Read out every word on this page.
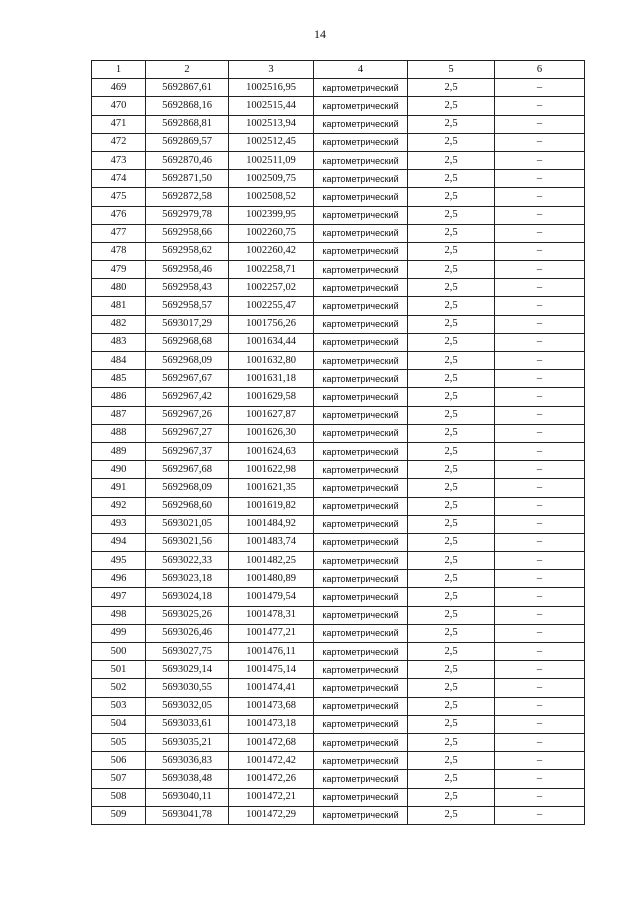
14
1	2	3	4	5	6
469	5692867,61	1002516,95	картометрический	2,5	–
470	5692868,16	1002515,44	картометрический	2,5	–
471	5692868,81	1002513,94	картометрический	2,5	–
472	5692869,57	1002512,45	картометрический	2,5	–
473	5692870,46	1002511,09	картометрический	2,5	–
474	5692871,50	1002509,75	картометрический	2,5	–
475	5692872,58	1002508,52	картометрический	2,5	–
476	5692979,78	1002399,95	картометрический	2,5	–
477	5692958,66	1002260,75	картометрический	2,5	–
478	5692958,62	1002260,42	картометрический	2,5	–
479	5692958,46	1002258,71	картометрический	2,5	–
480	5692958,43	1002257,02	картометрический	2,5	–
481	5692958,57	1002255,47	картометрический	2,5	–
482	5693017,29	1001756,26	картометрический	2,5	–
483	5692968,68	1001634,44	картометрический	2,5	–
484	5692968,09	1001632,80	картометрический	2,5	–
485	5692967,67	1001631,18	картометрический	2,5	–
486	5692967,42	1001629,58	картометрический	2,5	–
487	5692967,26	1001627,87	картометрический	2,5	–
488	5692967,27	1001626,30	картометрический	2,5	–
489	5692967,37	1001624,63	картометрический	2,5	–
490	5692967,68	1001622,98	картометрический	2,5	–
491	5692968,09	1001621,35	картометрический	2,5	–
492	5692968,60	1001619,82	картометрический	2,5	–
493	5693021,05	1001484,92	картометрический	2,5	–
494	5693021,56	1001483,74	картометрический	2,5	–
495	5693022,33	1001482,25	картометрический	2,5	–
496	5693023,18	1001480,89	картометрический	2,5	–
497	5693024,18	1001479,54	картометрический	2,5	–
498	5693025,26	1001478,31	картометрический	2,5	–
499	5693026,46	1001477,21	картометрический	2,5	–
500	5693027,75	1001476,11	картометрический	2,5	–
501	5693029,14	1001475,14	картометрический	2,5	–
502	5693030,55	1001474,41	картометрический	2,5	–
503	5693032,05	1001473,68	картометрический	2,5	–
504	5693033,61	1001473,18	картометрический	2,5	–
505	5693035,21	1001472,68	картометрический	2,5	–
506	5693036,83	1001472,42	картометрический	2,5	–
507	5693038,48	1001472,26	картометрический	2,5	–
508	5693040,11	1001472,21	картометрический	2,5	–
509	5693041,78	1001472,29	картометрический	2,5	–
